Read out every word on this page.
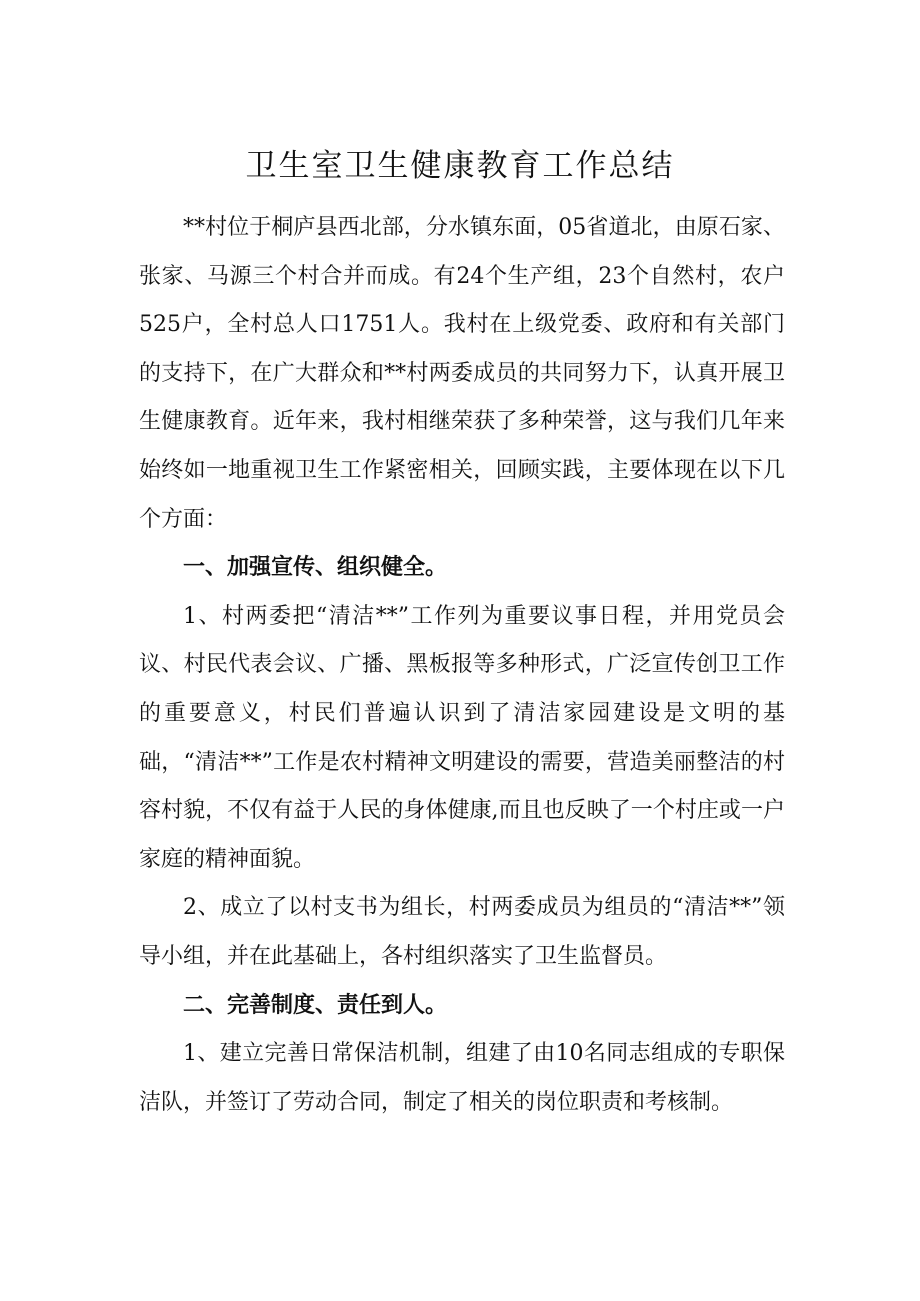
卫生室卫生健康教育工作总结

**村位于桐庐县西北部，分水镇东面，05省道北，由原石家、张家、马源三个村合并而成。有24个生产组，23个自然村，农户525户，全村总人口1751人。我村在上级党委、政府和有关部门的支持下，在广大群众和**村两委成员的共同努力下，认真开展卫生健康教育。近年来，我村相继荣获了多种荣誉，这与我们几年来始终如一地重视卫生工作紧密相关，回顾实践，主要体现在以下几个方面：

一、加强宣传、组织健全。

1、村两委把“清洁**”工作列为重要议事日程，并用党员会议、村民代表会议、广播、黑板报等多种形式，广泛宣传创卫工作的重要意义，村民们普遍认识到了清洁家园建设是文明的基础，“清洁**”工作是农村精神文明建设的需要，营造美丽整洁的村容村貌，不仅有益于人民的身体健康,而且也反映了一个村庄或一户家庭的精神面貌。

2、成立了以村支书为组长，村两委成员为组员的“清洁**”领导小组，并在此基础上，各村组织落实了卫生监督员。

二、完善制度、责任到人。

1、建立完善日常保洁机制，组建了由10名同志组成的专职保洁队，并签订了劳动合同，制定了相关的岗位职责和考核制。
